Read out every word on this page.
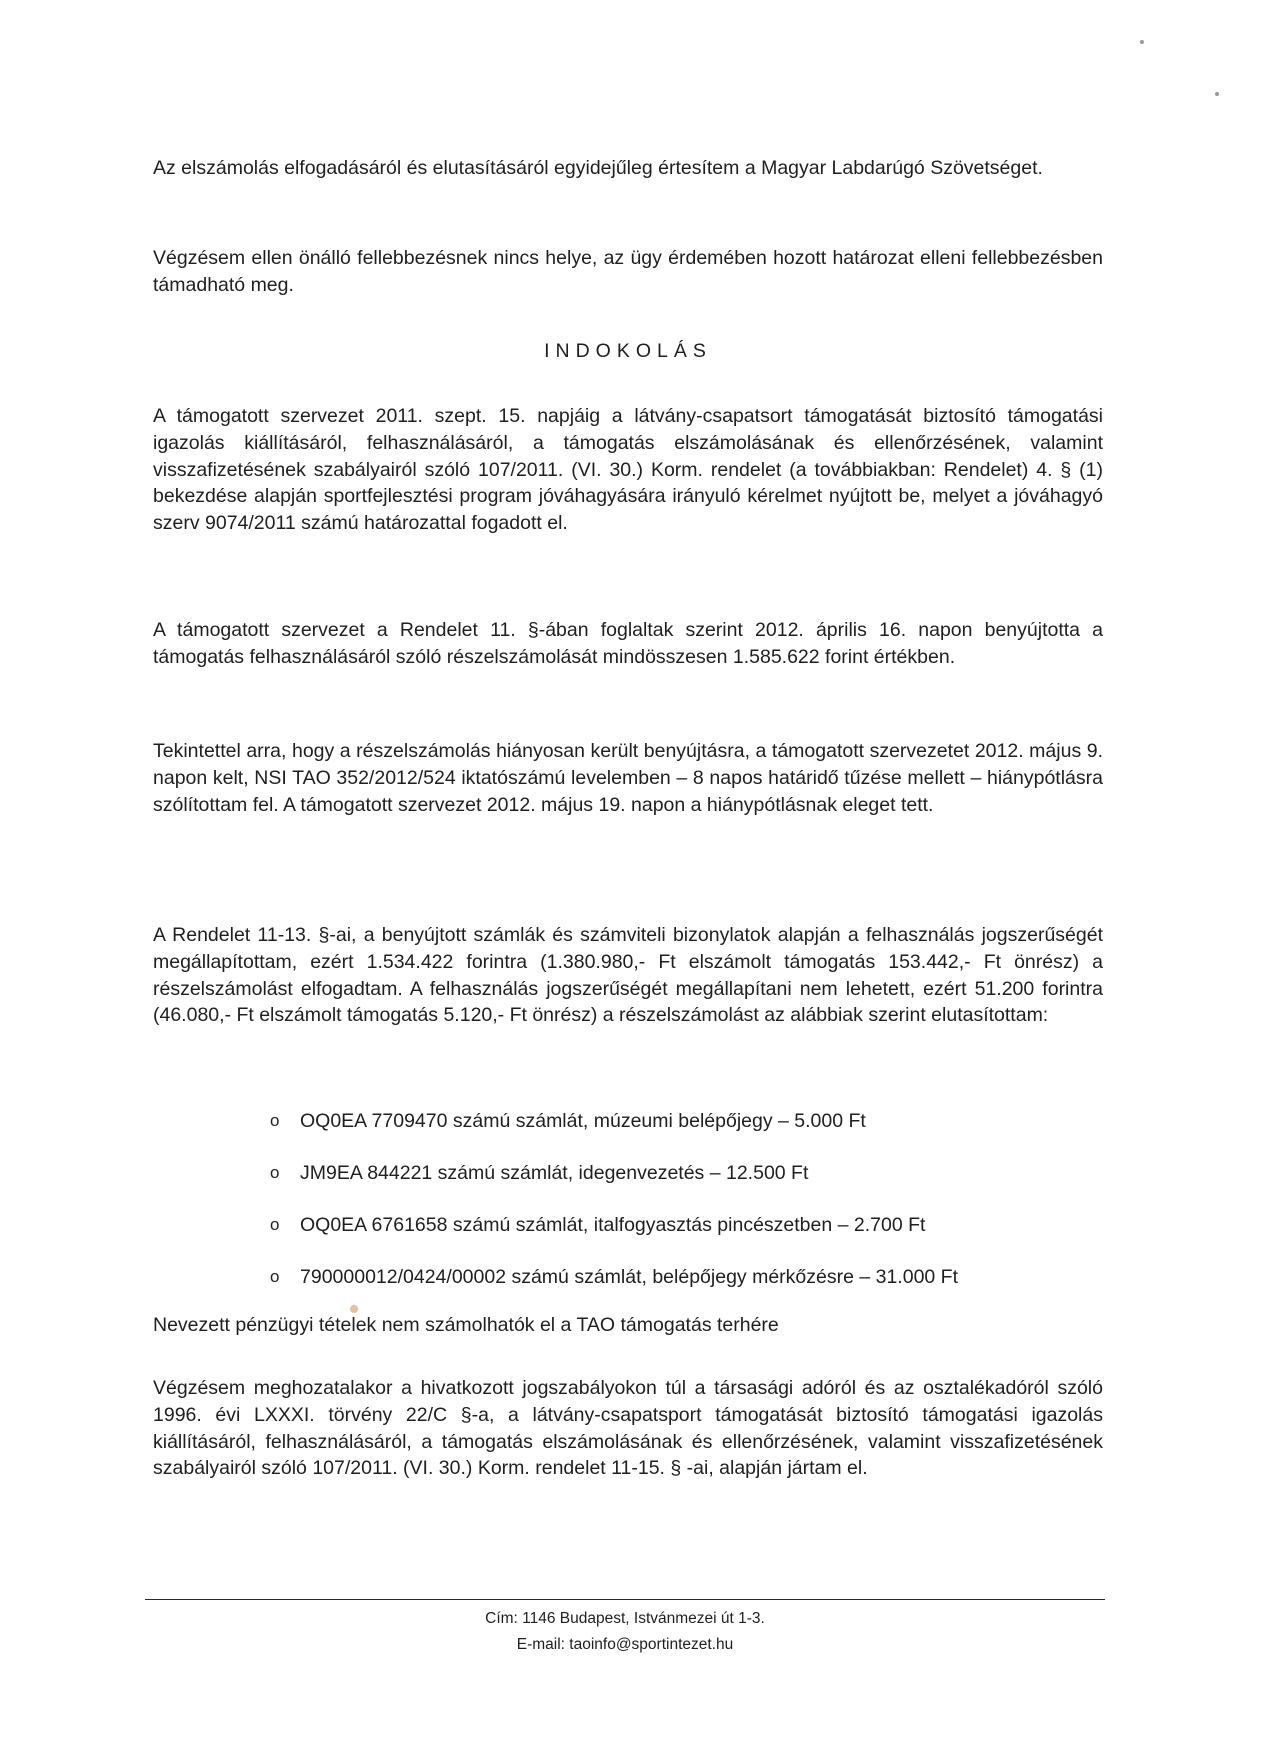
Az elszámolás elfogadásáról és elutasításáról egyidejűleg értesítem a Magyar Labdarúgó Szövetséget.

Végzésem ellen önálló fellebbezésnek nincs helye, az ügy érdemében hozott határozat elleni fellebbezésben támadható meg.

INDOKOLÁS

A támogatott szervezet 2011. szept. 15. napjáig a látvány-csapatsort támogatását biztosító támogatási igazolás kiállításáról, felhasználásáról, a támogatás elszámolásának és ellenőrzésének, valamint visszafizetésének szabályairól szóló 107/2011. (VI. 30.) Korm. rendelet (a továbbiakban: Rendelet) 4. § (1) bekezdése alapján sportfejlesztési program jóváhagyására irányuló kérelmet nyújtott be, melyet a jóváhagyó szerv 9074/2011 számú határozattal fogadott el.

A támogatott szervezet a Rendelet 11. §-ában foglaltak szerint 2012. április 16. napon benyújtotta a támogatás felhasználásáról szóló részelszámolását mindösszesen 1.585.622 forint értékben.

Tekintettel arra, hogy a részelszámolás hiányosan került benyújtásra, a támogatott szervezetet 2012. május 9. napon kelt, NSI TAO 352/2012/524 iktatószámú levelemben – 8 napos határidő tűzése mellett – hiánypótlásra szólítottam fel. A támogatott szervezet 2012. május 19. napon a hiánypótlásnak eleget tett.

A Rendelet 11-13. §-ai, a benyújtott számlák és számviteli bizonylatok alapján a felhasználás jogszerűségét megállapítottam, ezért 1.534.422 forintra (1.380.980,- Ft elszámolt támogatás 153.442,- Ft önrész) a részelszámolást elfogadtam. A felhasználás jogszerűségét megállapítani nem lehetett, ezért 51.200 forintra (46.080,- Ft elszámolt támogatás 5.120,- Ft önrész) a részelszámolást az alábbiak szerint elutasítottam:

o OQ0EA 7709470 számú számlát, múzeumi belépőjegy – 5.000 Ft
o JM9EA 844221 számú számlát, idegenvezetés – 12.500 Ft
o OQ0EA 6761658 számú számlát, italfogyasztás pincészetben – 2.700 Ft
o 790000012/0424/00002 számú számlát, belépőjegy mérkőzésre – 31.000 Ft

Nevezett pénzügyi tételek nem számolhatók el a TAO támogatás terhére

Végzésem meghozatalakor a hivatkozott jogszabályokon túl a társasági adóról és az osztalékadóról szóló 1996. évi LXXXI. törvény 22/C §-a, a látvány-csapatsport támogatását biztosító támogatási igazolás kiállításáról, felhasználásáról, a támogatás elszámolásának és ellenőrzésének, valamint visszafizetésének szabályairól szóló 107/2011. (VI. 30.) Korm. rendelet 11-15. § -ai, alapján jártam el.

Cím: 1146 Budapest, Istvánmezei út 1-3.
E-mail: taoinfo@sportintezet.hu
